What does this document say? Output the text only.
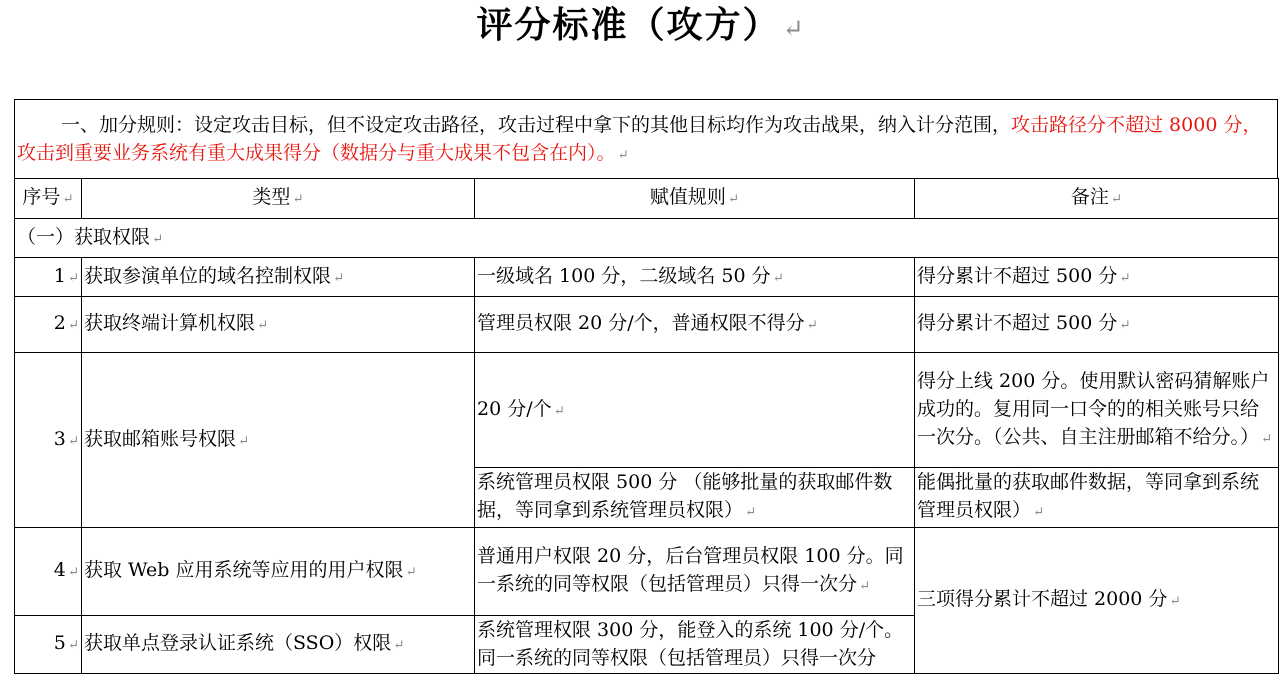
评分标准（攻方）↵

一、加分规则：设定攻击目标，但不设定攻击路径，攻击过程中拿下的其他目标均作为攻击战果，纳入计分范围，攻击路径分不超过 8000 分，攻击到重要业务系统有重大成果得分（数据分与重大成果不包含在内）。 ↵

序号 ↵	类型 ↵	赋值规则 ↵	备注 ↵
（一）获取权限 ↵			
1 ↵	获取参演单位的域名控制权限 ↵	一级域名 100 分，二级域名 50 分 ↵	得分累计不超过 500 分 ↵
2 ↵	获取终端计算机权限 ↵	管理员权限 20 分/个，普通权限不得分 ↵	得分累计不超过 500 分 ↵
3 ↵	获取邮箱账号权限 ↵	20 分/个 ↵	得分上线 200 分。使用默认密码猜解账户成功的。复用同一口令的的相关账号只给一次分。（公共、自主注册邮箱不给分。） ↵
		系统管理员权限 500 分 （能够批量的获取邮件数据，等同拿到系统管理员权限） ↵	能偶批量的获取邮件数据，等同拿到系统管理员权限） ↵
4 ↵	获取 Web 应用系统等应用的用户权限 ↵	普通用户权限 20 分，后台管理员权限 100 分。同一系统的同等权限（包括管理员）只得一次分 ↵	三项得分累计不超过 2000 分 ↵
5 ↵	获取单点登录认证系统（SSO）权限 ↵	系统管理权限 300 分，能登入的系统 100 分/个。同一系统的同等权限（包括管理员）只得一次分	
